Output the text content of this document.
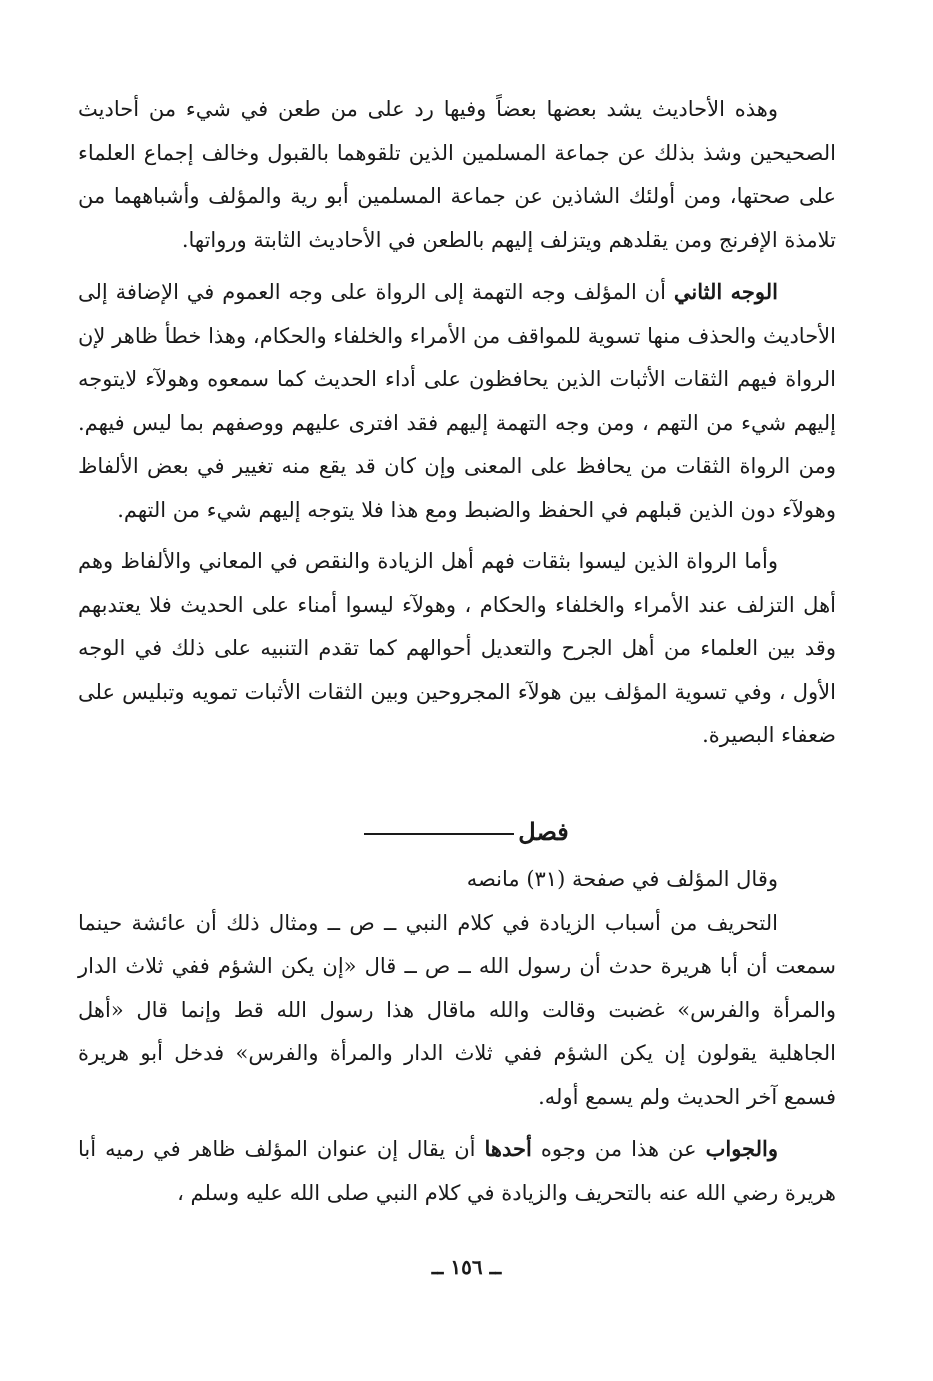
وهذه الأحاديث يشد بعضها بعضاً وفيها رد على من طعن في شيء من أحاديث الصحيحين وشذ بذلك عن جماعة المسلمين الذين تلقوهما بالقبول وخالف إجماع العلماء على صحتها، ومن أولئك الشاذين عن جماعة المسلمين أبو رية والمؤلف وأشباههما من تلامذة الإفرنج ومن يقلدهم ويتزلف إليهم بالطعن في الأحاديث الثابتة ورواتها.

الوجه الثاني أن المؤلف وجه التهمة إلى الرواة على وجه العموم في الإضافة إلى الأحاديث والحذف منها تسوية للمواقف من الأمراء والخلفاء والحكام، وهذا خطأ ظاهر لإن الرواة فيهم الثقات الأثبات الذين يحافظون على أداء الحديث كما سمعوه وهولآء لايتوجه إليهم شيء من التهم ، ومن وجه التهمة إليهم فقد افترى عليهم ووصفهم بما ليس فيهم. ومن الرواة الثقات من يحافظ على المعنى وإن كان قد يقع منه تغيير في بعض الألفاظ وهولآء دون الذين قبلهم في الحفظ والضبط ومع هذا فلا يتوجه إليهم شيء من التهم.

وأما الرواة الذين ليسوا بثقات فهم أهل الزيادة والنقص في المعاني والألفاظ وهم أهل التزلف عند الأمراء والخلفاء والحكام ، وهولآء ليسوا أمناء على الحديث فلا يعتدبهم وقد بين العلماء من أهل الجرح والتعديل أحوالهم كما تقدم التنبيه على ذلك في الوجه الأول ، وفي تسوية المؤلف بين هولآء المجروحين وبين الثقات الأثبات تمويه وتبليس على ضعفاء البصيرة.

فصل

وقال المؤلف في صفحة (٣١) مانصه

التحريف من أسباب الزيادة في كلام النبي ــ ص ــ ومثال ذلك أن عائشة حينما سمعت أن أبا هريرة حدث أن رسول الله ــ ص ــ قال «إن يكن الشؤم ففي ثلاث الدار والمرأة والفرس» غضبت وقالت والله ماقال هذا رسول الله قط وإنما قال «أهل الجاهلية يقولون إن يكن الشؤم ففي ثلاث الدار والمرأة والفرس» فدخل أبو هريرة فسمع آخر الحديث ولم يسمع أوله.

والجواب عن هذا من وجوه أحدها أن يقال إن عنوان المؤلف ظاهر في رميه أبا هريرة رضي الله عنه بالتحريف والزيادة في كلام النبي صلى الله عليه وسلم ،

ــ ١٥٦ ــ
